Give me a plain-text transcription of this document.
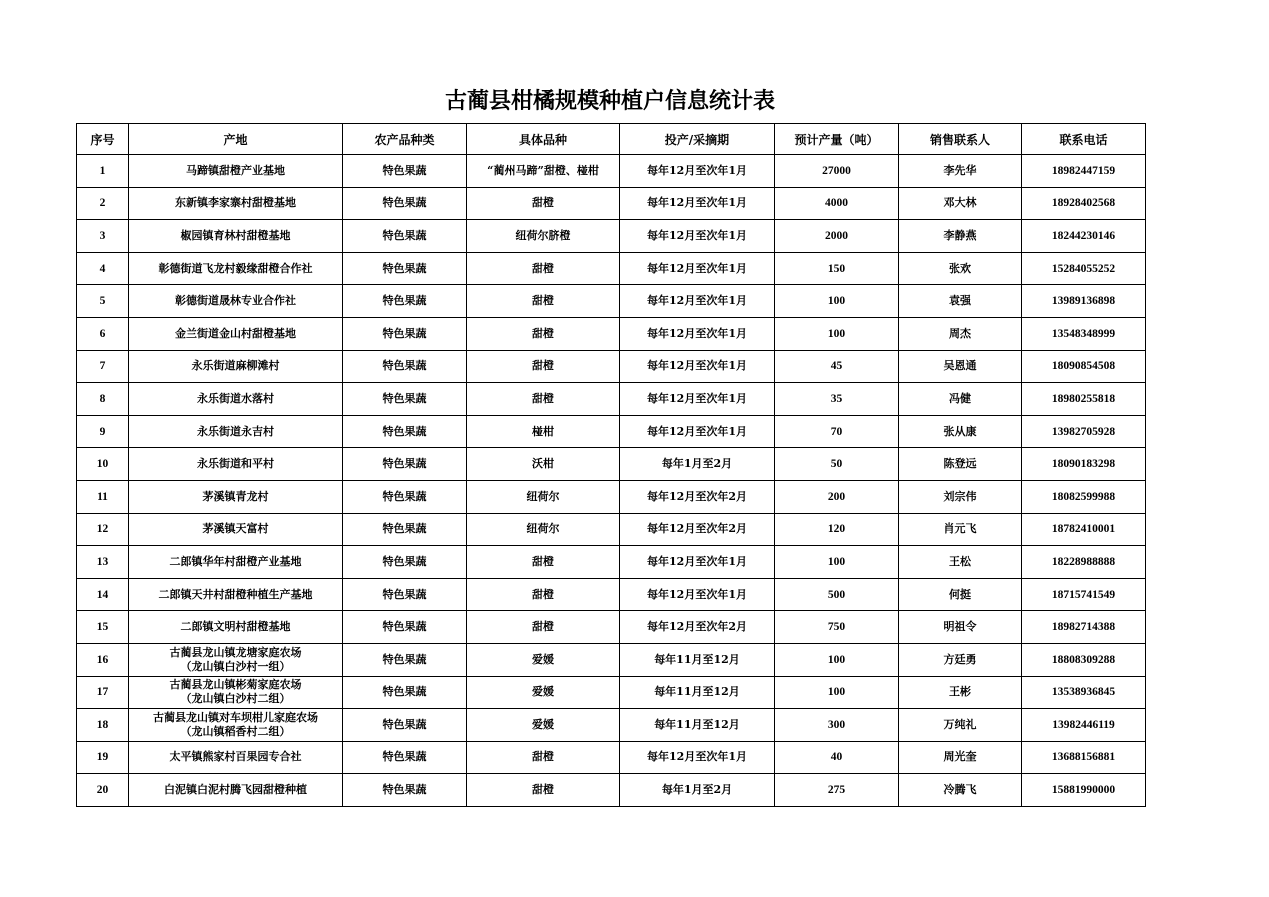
古蔺县柑橘规模种植户信息统计表
序号	产地	农产品种类	具体品种	投产/采摘期	预计产量（吨）	销售联系人	联系电话
1	马蹄镇甜橙产业基地	特色果蔬	“蔺州马蹄”甜橙、椪柑	每年12月至次年1月	27000	李先华	18982447159
2	东新镇李家寨村甜橙基地	特色果蔬	甜橙	每年12月至次年1月	4000	邓大林	18928402568
3	椒园镇育林村甜橙基地	特色果蔬	纽荷尔脐橙	每年12月至次年1月	2000	李静燕	18244230146
4	彰德街道飞龙村毅缘甜橙合作社	特色果蔬	甜橙	每年12月至次年1月	150	张欢	15284055252
5	彰德街道晟林专业合作社	特色果蔬	甜橙	每年12月至次年1月	100	袁强	13989136898
6	金兰街道金山村甜橙基地	特色果蔬	甜橙	每年12月至次年1月	100	周杰	13548348999
7	永乐街道麻柳滩村	特色果蔬	甜橙	每年12月至次年1月	45	吴恩通	18090854508
8	永乐街道水落村	特色果蔬	甜橙	每年12月至次年1月	35	冯健	18980255818
9	永乐街道永吉村	特色果蔬	椪柑	每年12月至次年1月	70	张从康	13982705928
10	永乐街道和平村	特色果蔬	沃柑	每年1月至2月	50	陈登远	18090183298
11	茅溪镇青龙村	特色果蔬	纽荷尔	每年12月至次年2月	200	刘宗伟	18082599988
12	茅溪镇天富村	特色果蔬	纽荷尔	每年12月至次年2月	120	肖元飞	18782410001
13	二郎镇华年村甜橙产业基地	特色果蔬	甜橙	每年12月至次年1月	100	王松	18228988888
14	二郎镇天井村甜橙种植生产基地	特色果蔬	甜橙	每年12月至次年1月	500	何挺	18715741549
15	二郎镇文明村甜橙基地	特色果蔬	甜橙	每年12月至次年2月	750	明祖令	18982714388
16	古蔺县龙山镇龙塘家庭农场
（龙山镇白沙村一组）	特色果蔬	爱媛	每年11月至12月	100	方廷勇	18808309288
17	古蔺县龙山镇彬菊家庭农场
（龙山镇白沙村二组）	特色果蔬	爱媛	每年11月至12月	100	王彬	13538936845
18	古蔺县龙山镇对车坝柑儿家庭农场
（龙山镇稻香村二组）	特色果蔬	爱媛	每年11月至12月	300	万纯礼	13982446119
19	太平镇熊家村百果园专合社	特色果蔬	甜橙	每年12月至次年1月	40	周光奎	13688156881
20	白泥镇白泥村腾飞园甜橙种植	特色果蔬	甜橙	每年1月至2月	275	冷腾飞	15881990000
